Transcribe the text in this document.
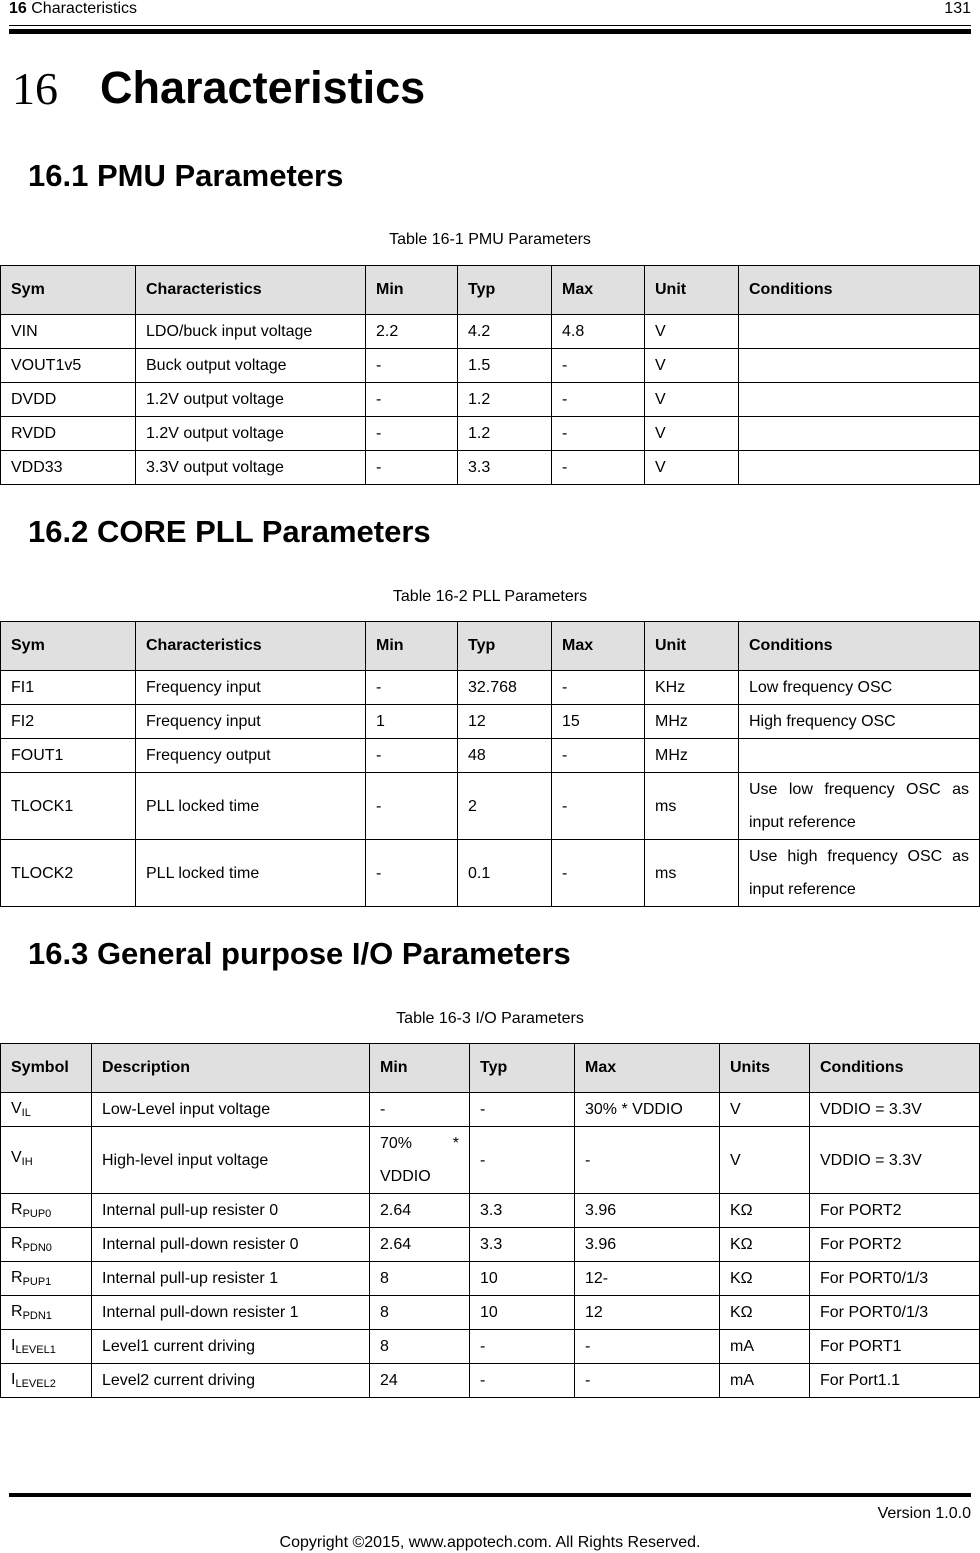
16 Characteristics	131
16 Characteristics
16.1 PMU Parameters
Table 16-1 PMU Parameters
Sym	Characteristics	Min	Typ	Max	Unit	Conditions
VIN	LDO/buck input voltage	2.2	4.2	4.8	V	
VOUT1v5	Buck output voltage	-	1.5	-	V	
DVDD	1.2V output voltage	-	1.2	-	V	
RVDD	1.2V output voltage	-	1.2	-	V	
VDD33	3.3V output voltage	-	3.3	-	V	
16.2 CORE PLL Parameters
Table 16-2 PLL Parameters
Sym	Characteristics	Min	Typ	Max	Unit	Conditions
FI1	Frequency input	-	32.768	-	KHz	Low frequency OSC
FI2	Frequency input	1	12	15	MHz	High frequency OSC
FOUT1	Frequency output	-	48	-	MHz	
TLOCK1	PLL locked time	-	2	-	ms	Use low frequency OSC as input reference
TLOCK2	PLL locked time	-	0.1	-	ms	Use high frequency OSC as input reference
16.3 General purpose I/O Parameters
Table 16-3 I/O Parameters
Symbol	Description	Min	Typ	Max	Units	Conditions
$V_{IL}$	Low-Level input voltage	-	-	30% * VDDIO	V	VDDIO = 3.3V
$V_{IH}$	High-level input voltage	70% *
VDDIO	-	-	V	VDDIO = 3.3V
$R_{PUP0}$	Internal pull-up resister 0	2.64	3.3	3.96	KΩ	For PORT2
$R_{PDN0}$	Internal pull-down resister 0	2.64	3.3	3.96	KΩ	For PORT2
$R_{PUP1}$	Internal pull-up resister 1	8	10	12-	KΩ	For PORT0/1/3
$R_{PDN1}$	Internal pull-down resister 1	8	10	12	KΩ	For PORT0/1/3
$I_{LEVEL1}$	Level1 current driving	8	-	-	mA	For PORT1
$I_{LEVEL2}$	Level2 current driving	24	-	-	mA	For Port1.1
Version 1.0.0
Copyright ©2015, www.appotech.com. All Rights Reserved.
